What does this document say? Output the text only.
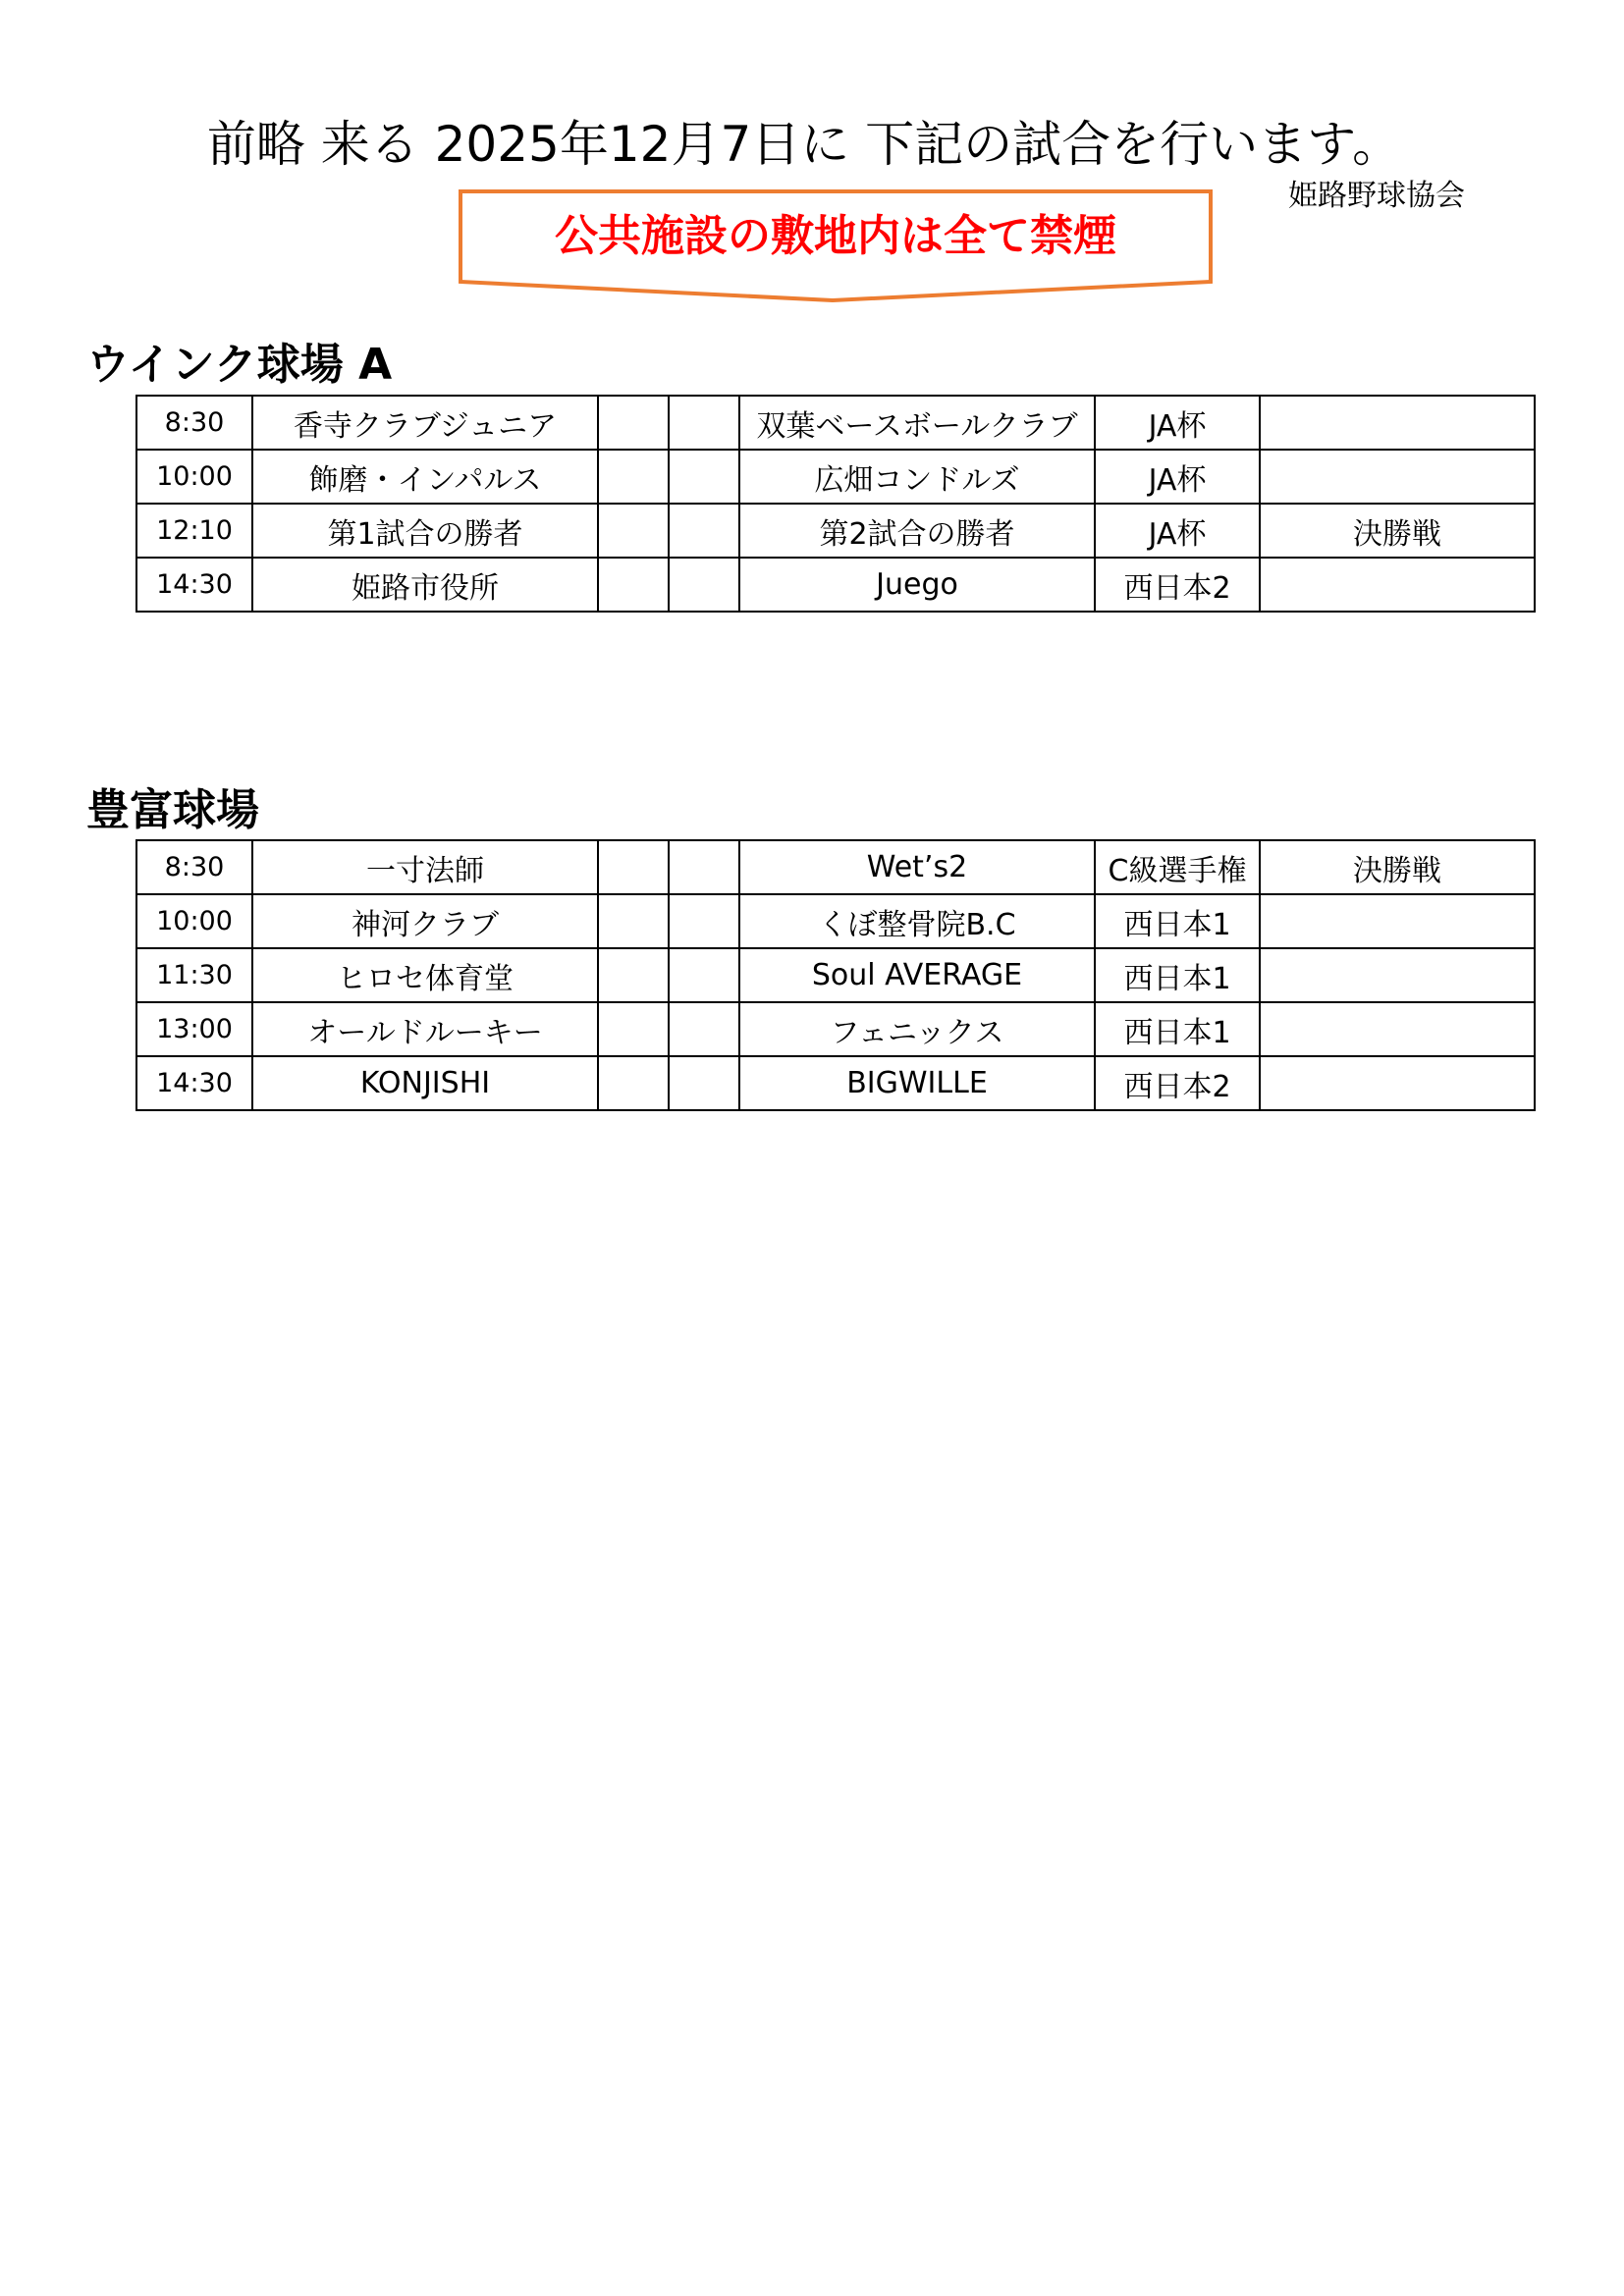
前略 来る 2025年12月7日に 下記の試合を行います。
姫路野球協会
公共施設の敷地内は全て禁煙
ウインク球場 A
8:30	香寺クラブジュニア			双葉ベースボールクラブ	JA杯	
10:00	飾磨・インパルス			広畑コンドルズ	JA杯	
12:10	第1試合の勝者			第2試合の勝者	JA杯	決勝戦
14:30	姫路市役所			Juego	西日本2	
豊富球場
8:30	一寸法師			Wet’s2	C級選手権	決勝戦
10:00	神河クラブ			くぼ整骨院B.C	西日本1	
11:30	ヒロセ体育堂			Soul AVERAGE	西日本1	
13:00	オールドルーキー			フェニックス	西日本1	
14:30	KONJISHI			BIGWILLE	西日本2	
